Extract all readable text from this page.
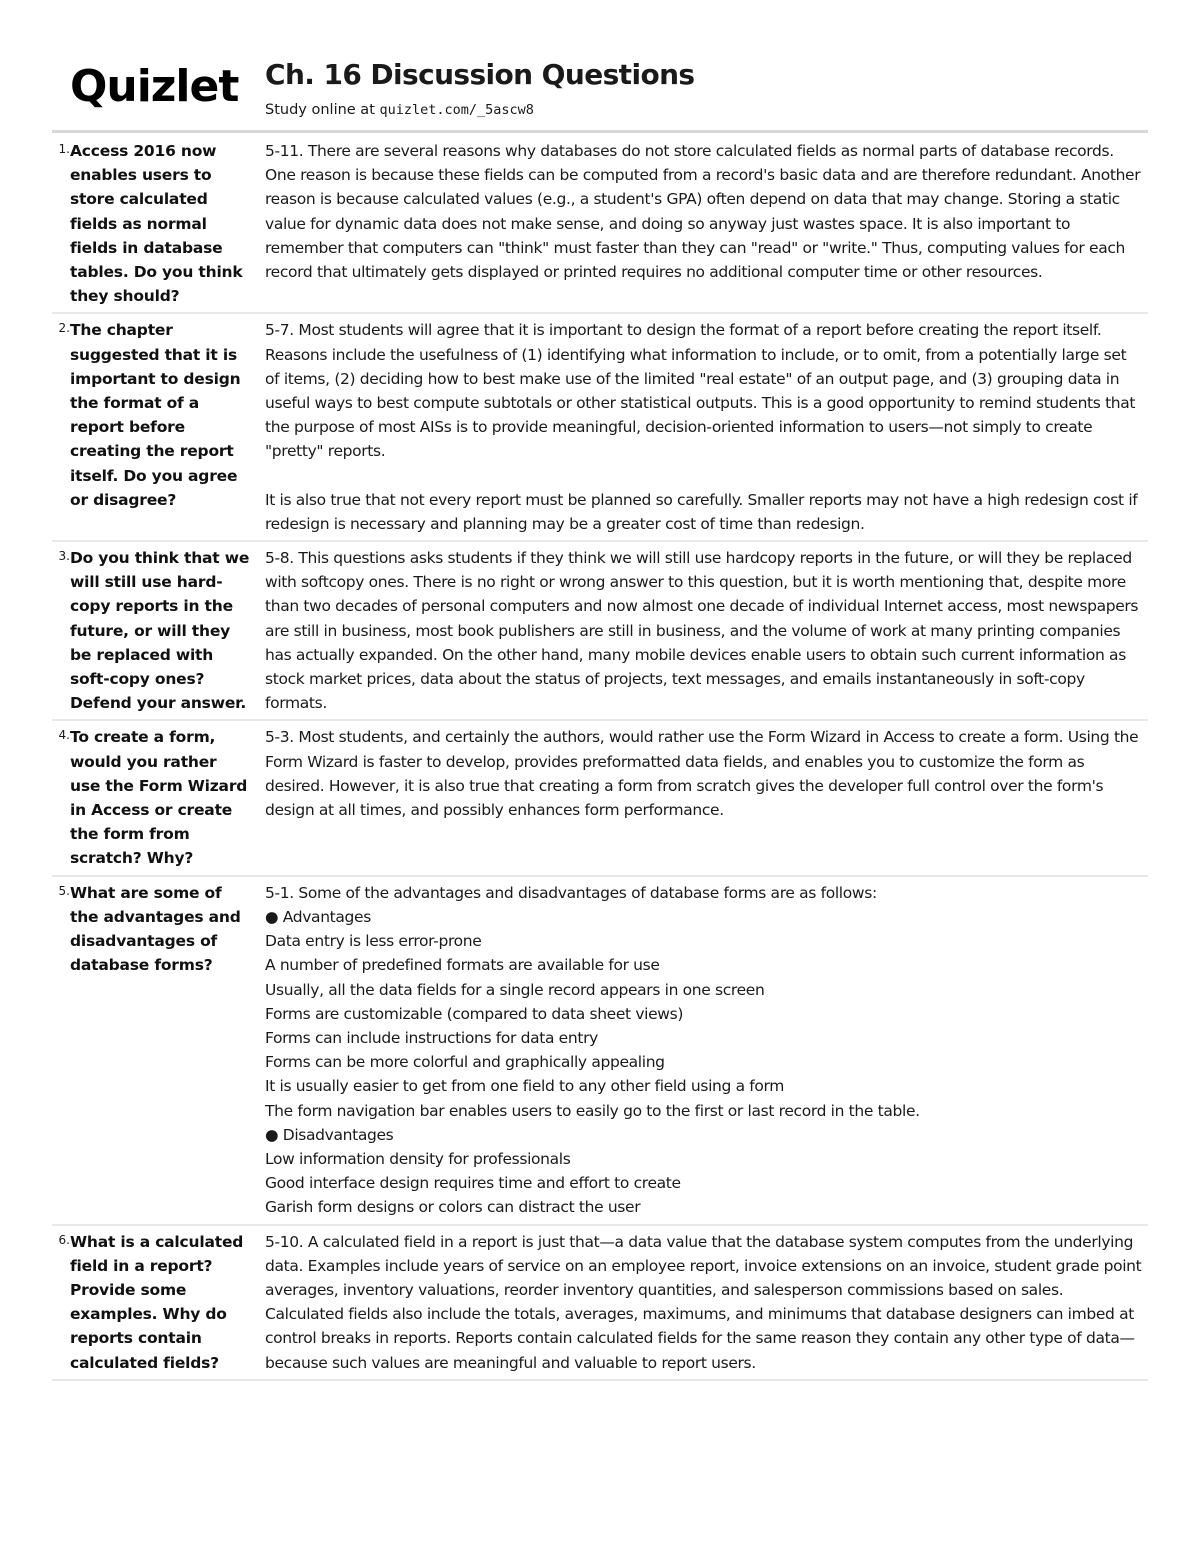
Quizlet Ch. 16 Discussion Questions
Study online at quizlet.com/_5ascw8
1. Access 2016 now enables users to store calculated fields as normal fields in database tables. Do you think they should?

5-11. There are several reasons why databases do not store calculated fields as normal parts of database records. One reason is because these fields can be computed from a record's basic data and are therefore redundant. Another reason is because calculated values (e.g., a student's GPA) often depend on data that may change. Storing a static value for dynamic data does not make sense, and doing so anyway just wastes space. It is also important to remember that computers can "think" must faster than they can "read" or "write." Thus, computing values for each record that ultimately gets displayed or printed requires no additional computer time or other resources.

2. The chapter suggested that it is important to design the format of a report before creating the report itself. Do you agree or disagree?

5-7. Most students will agree that it is important to design the format of a report before creating the report itself. Reasons include the usefulness of (1) identifying what information to include, or to omit, from a potentially large set of items, (2) deciding how to best make use of the limited "real estate" of an output page, and (3) grouping data in useful ways to best compute subtotals or other statistical outputs. This is a good opportunity to remind students that the purpose of most AISs is to provide meaningful, decision-oriented information to users—not simply to create "pretty" reports.

It is also true that not every report must be planned so carefully. Smaller reports may not have a high redesign cost if redesign is necessary and planning may be a greater cost of time than redesign.

3. Do you think that we will still use hard-copy reports in the future, or will they be replaced with soft-copy ones? Defend your answer.

5-8. This questions asks students if they think we will still use hardcopy reports in the future, or will they be replaced with softcopy ones. There is no right or wrong answer to this question, but it is worth mentioning that, despite more than two decades of personal computers and now almost one decade of individual Internet access, most newspapers are still in business, most book publishers are still in business, and the volume of work at many printing companies has actually expanded. On the other hand, many mobile devices enable users to obtain such current information as stock market prices, data about the status of projects, text messages, and emails instantaneously in soft-copy formats.

4. To create a form, would you rather use the Form Wizard in Access or create the form from scratch? Why?

5-3. Most students, and certainly the authors, would rather use the Form Wizard in Access to create a form. Using the Form Wizard is faster to develop, provides preformatted data fields, and enables you to customize the form as desired. However, it is also true that creating a form from scratch gives the developer full control over the form's design at all times, and possibly enhances form performance.

5. What are some of the advantages and disadvantages of database forms?

5-1. Some of the advantages and disadvantages of database forms are as follows:

● Advantages

Data entry is less error-prone

A number of predefined formats are available for use

Usually, all the data fields for a single record appears in one screen

Forms are customizable (compared to data sheet views)

Forms can include instructions for data entry

Forms can be more colorful and graphically appealing

It is usually easier to get from one field to any other field using a form

The form navigation bar enables users to easily go to the first or last record in the table.

● Disadvantages

Low information density for professionals

Good interface design requires time and effort to create

Garish form designs or colors can distract the user

6. What is a calculated field in a report? Provide some examples. Why do reports contain calculated fields?

5-10. A calculated field in a report is just that—a data value that the database system computes from the underlying data. Examples include years of service on an employee report, invoice extensions on an invoice, student grade point averages, inventory valuations, reorder inventory quantities, and salesperson commissions based on sales. Calculated fields also include the totals, averages, maximums, and minimums that database designers can imbed at control breaks in reports. Reports contain calculated fields for the same reason they contain any other type of data—because such values are meaningful and valuable to report users.
